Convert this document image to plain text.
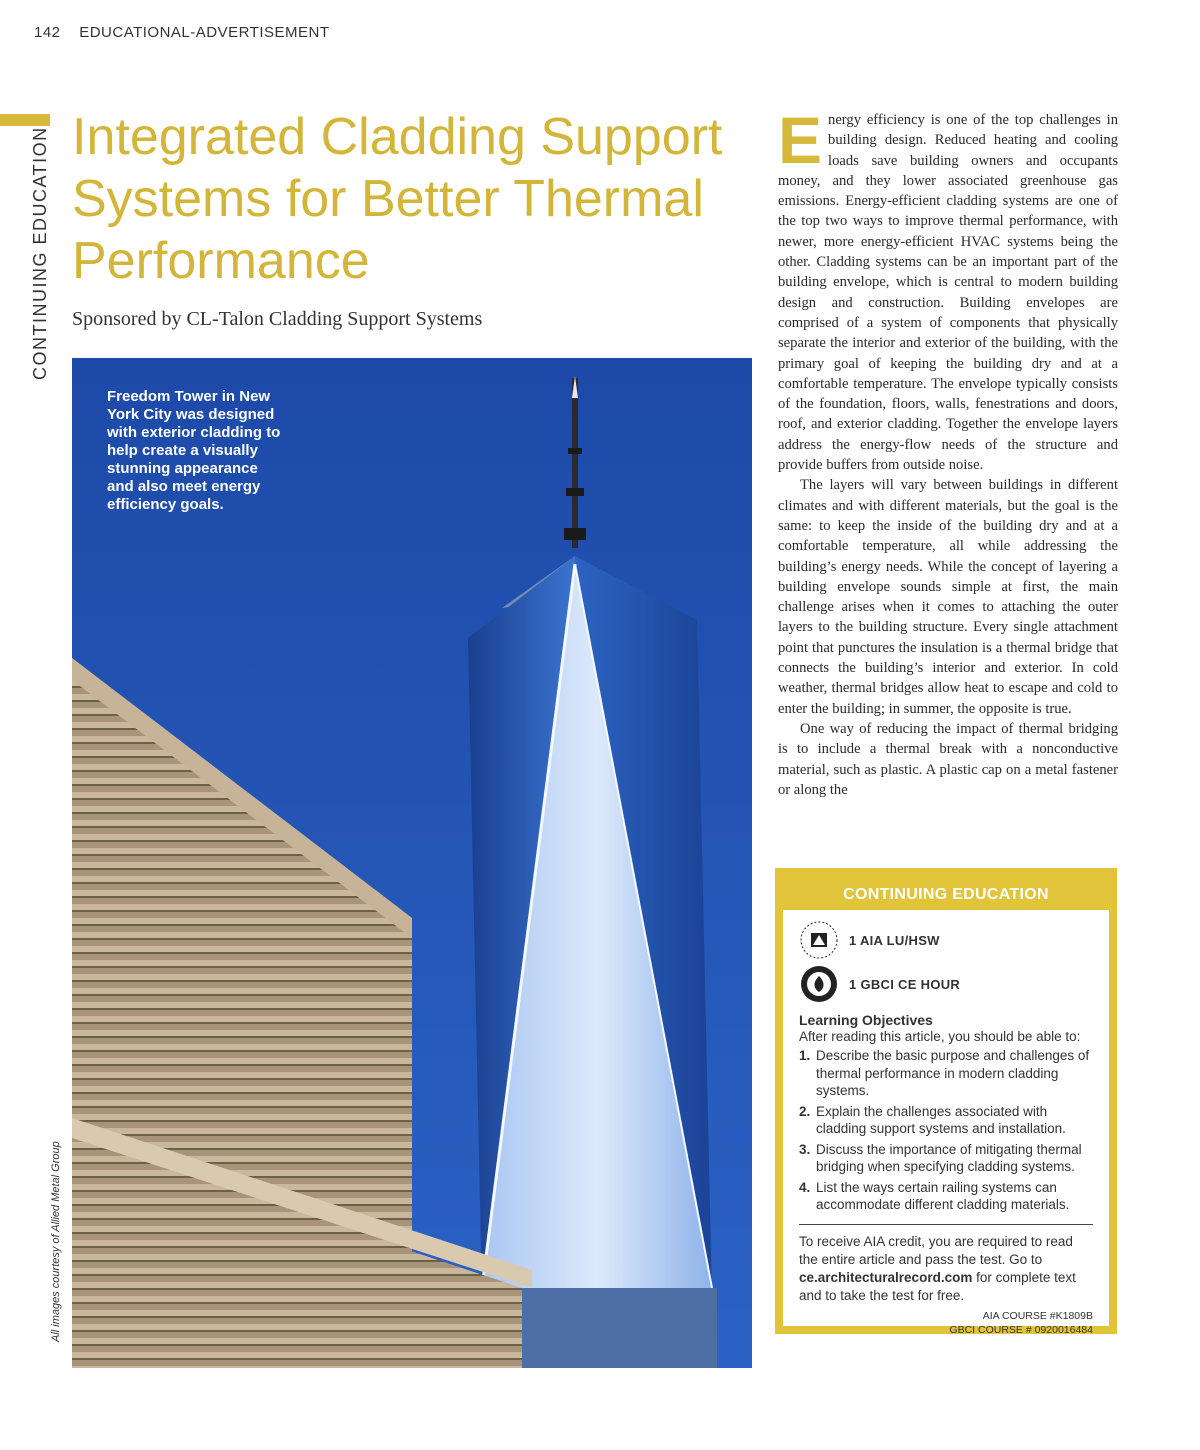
142 EDUCATIONAL-ADVERTISEMENT
CONTINUING EDUCATION
All images courtesy of Allied Metal Group
Integrated Cladding Support Systems for Better Thermal Performance
Sponsored by CL-Talon Cladding Support Systems
Freedom Tower in New York City was designed with exterior cladding to help create a visually stunning appearance and also meet energy efficiency goals.

Energy efficiency is one of the top challenges in building design. Reduced heating and cooling loads save building owners and occupants money, and they lower associated greenhouse gas emissions. Energy-efficient cladding systems are one of the top two ways to improve thermal performance, with newer, more energy-efficient HVAC systems being the other. Cladding systems can be an important part of the building envelope, which is central to modern building design and construction. Building envelopes are comprised of a system of components that physically separate the interior and exterior of the building, with the primary goal of keeping the building dry and at a comfortable temperature. The envelope typically consists of the foundation, floors, walls, fenestrations and doors, roof, and exterior cladding. Together the envelope layers address the energy-flow needs of the structure and provide buffers from outside noise.

The layers will vary between buildings in different climates and with different materials, but the goal is the same: to keep the inside of the building dry and at a comfortable temperature, all while addressing the building’s energy needs. While the concept of layering a building envelope sounds simple at first, the main challenge arises when it comes to attaching the outer layers to the building structure. Every single attachment point that punctures the insulation is a thermal bridge that connects the building’s interior and exterior. In cold weather, thermal bridges allow heat to escape and cold to enter the building; in summer, the opposite is true.

One way of reducing the impact of thermal bridging is to include a thermal break with a nonconductive material, such as plastic. A plastic cap on a metal fastener or along the

CONTINUING EDUCATION
1 AIA LU/HSW
1 GBCI CE HOUR
Learning Objectives
After reading this article, you should be able to:
1. Describe the basic purpose and challenges of thermal performance in modern cladding systems.
2. Explain the challenges associated with cladding support systems and installation.
3. Discuss the importance of mitigating thermal bridging when specifying cladding systems.
4. List the ways certain railing systems can accommodate different cladding materials.
To receive AIA credit, you are required to read the entire article and pass the test. Go to ce.architecturalrecord.com for complete text and to take the test for free.
AIA COURSE #K1809B
GBCI COURSE # 0920016484
